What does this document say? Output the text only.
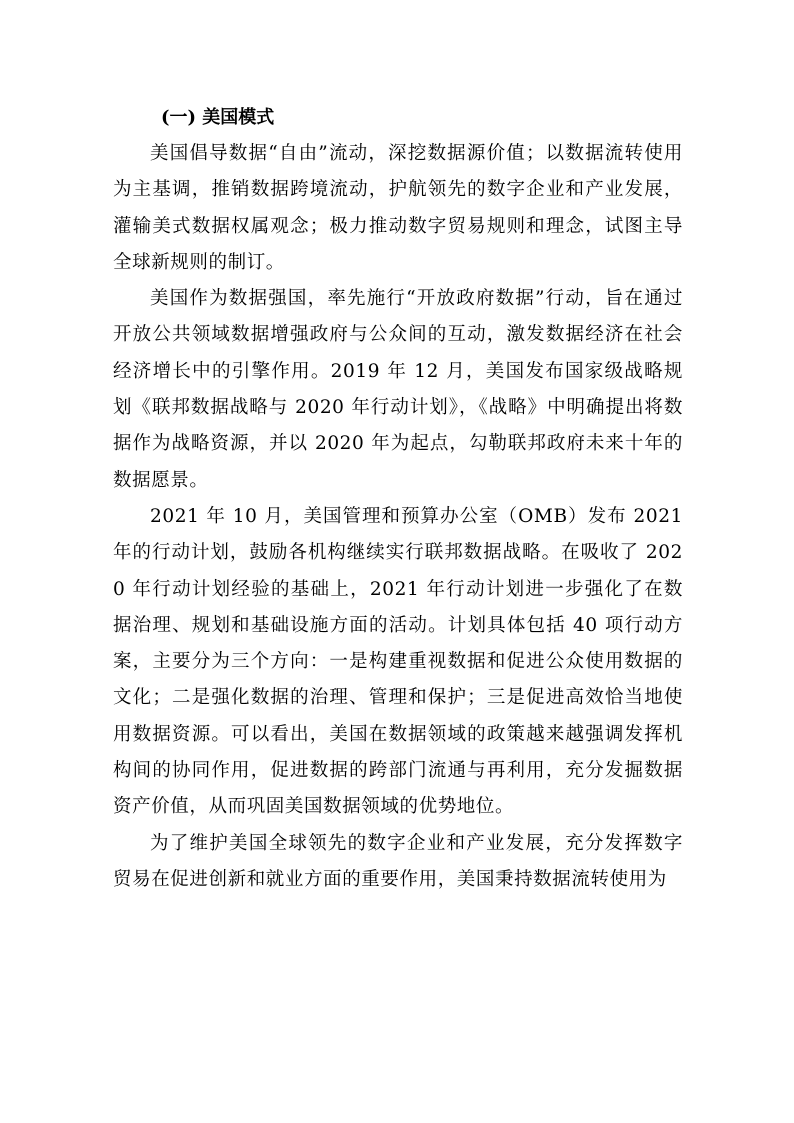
(一) 美国模式

美国倡导数据“自由”流动，深挖数据源价值；以数据流转使用为主基调，推销数据跨境流动，护航领先的数字企业和产业发展，灌输美式数据权属观念；极力推动数字贸易规则和理念，试图主导全球新规则的制订。

美国作为数据强国，率先施行“开放政府数据”行动，旨在通过开放公共领域数据增强政府与公众间的互动，激发数据经济在社会经济增长中的引擎作用。2019 年 12 月，美国发布国家级战略规划《联邦数据战略与 2020 年行动计划》，《战略》中明确提出将数据作为战略资源，并以 2020 年为起点，勾勒联邦政府未来十年的数据愿景。

2021 年 10 月，美国管理和预算办公室（OMB）发布 2021 年的行动计划，鼓励各机构继续实行联邦数据战略。在吸收了 2020 年行动计划经验的基础上，2021 年行动计划进一步强化了在数据治理、规划和基础设施方面的活动。计划具体包括 40 项行动方案，主要分为三个方向：一是构建重视数据和促进公众使用数据的文化；二是强化数据的治理、管理和保护；三是促进高效恰当地使用数据资源。可以看出，美国在数据领域的政策越来越强调发挥机构间的协同作用，促进数据的跨部门流通与再利用，充分发掘数据资产价值，从而巩固美国数据领域的优势地位。

为了维护美国全球领先的数字企业和产业发展，充分发挥数字贸易在促进创新和就业方面的重要作用，美国秉持数据流转使用为
